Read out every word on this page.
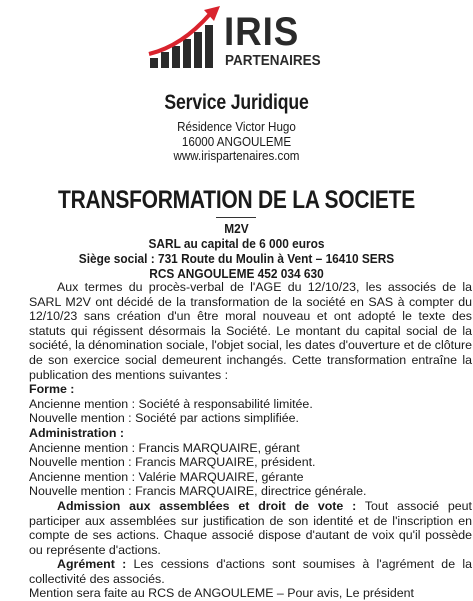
IRIS
PARTENAIRES
Service Juridique
Résidence Victor Hugo
16000 ANGOULEME
www.irispartenaires.com
TRANSFORMATION DE LA SOCIETE
M2V
SARL au capital de 6 000 euros
Siège social : 731 Route du Moulin à Vent – 16410 SERS
RCS ANGOULEME 452 034 630

Aux termes du procès-verbal de l'AGE du 12/10/23, les associés de la SARL M2V ont décidé de la transformation de la société en SAS à compter du 12/10/23 sans création d'un être moral nouveau et ont adopté le texte des statuts qui régissent désormais la Société. Le montant du capital social de la société, la dénomination sociale, l'objet social, les dates d'ouverture et de clôture de son exercice social demeurent inchangés. Cette transformation entraîne la publication des mentions suivantes :

Forme :

Ancienne mention : Société à responsabilité limitée.

Nouvelle mention : Société par actions simplifiée.

Administration :

Ancienne mention : Francis MARQUAIRE, gérant

Nouvelle mention : Francis MARQUAIRE, président.

Ancienne mention : Valérie MARQUAIRE, gérante

Nouvelle mention : Francis MARQUAIRE, directrice générale.

Admission aux assemblées et droit de vote : Tout associé peut participer aux assemblées sur justification de son identité et de l'inscription en compte de ses actions. Chaque associé dispose d'autant de voix qu'il possède ou représente d'actions.

Agrément : Les cessions d'actions sont soumises à l'agrément de la collectivité des associés.

Mention sera faite au RCS de ANGOULEME – Pour avis, Le président
